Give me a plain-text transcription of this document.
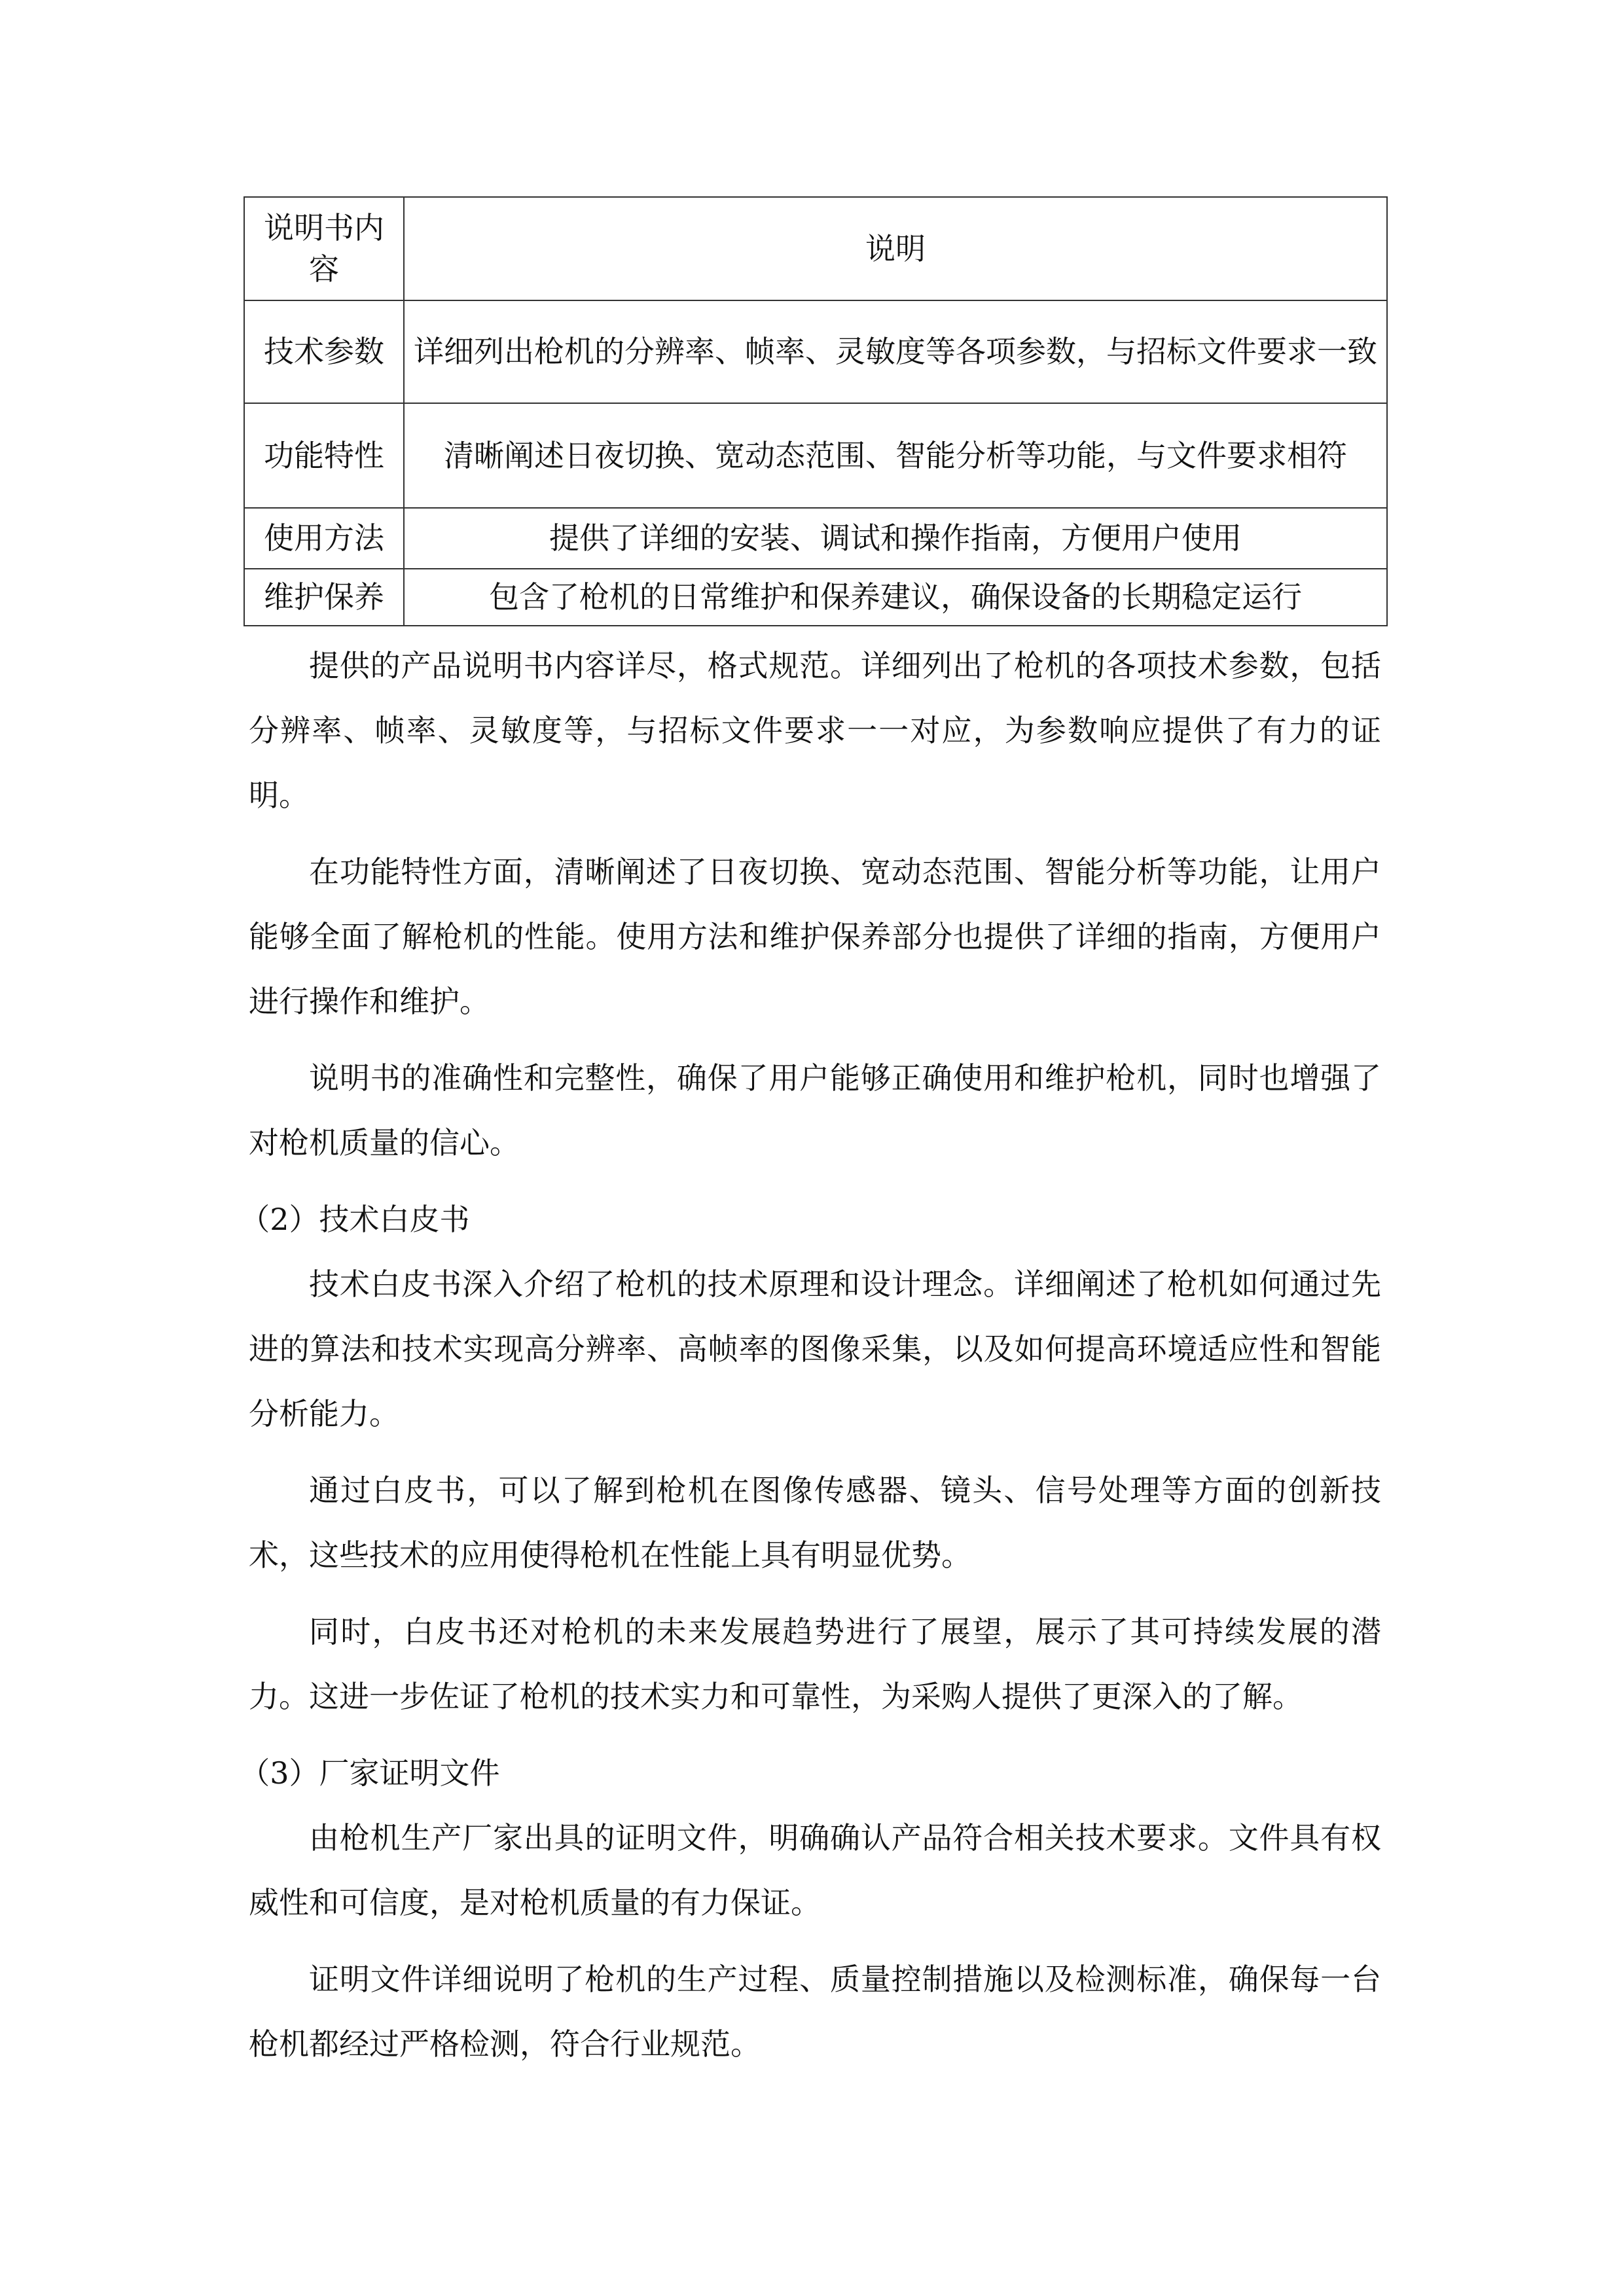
说明书内容	说明
技术参数	详细列出枪机的分辨率、帧率、灵敏度等各项参数，与招标文件要求一致
功能特性	清晰阐述日夜切换、宽动态范围、智能分析等功能，与文件要求相符
使用方法	提供了详细的安装、调试和操作指南，方便用户使用
维护保养	包含了枪机的日常维护和保养建议，确保设备的长期稳定运行

提供的产品说明书内容详尽，格式规范。详细列出了枪机的各项技术参数，包括分辨率、帧率、灵敏度等，与招标文件要求一一对应，为参数响应提供了有力的证明。

在功能特性方面，清晰阐述了日夜切换、宽动态范围、智能分析等功能，让用户能够全面了解枪机的性能。使用方法和维护保养部分也提供了详细的指南，方便用户进行操作和维护。

说明书的准确性和完整性，确保了用户能够正确使用和维护枪机，同时也增强了对枪机质量的信心。

（2）技术白皮书

技术白皮书深入介绍了枪机的技术原理和设计理念。详细阐述了枪机如何通过先进的算法和技术实现高分辨率、高帧率的图像采集，以及如何提高环境适应性和智能分析能力。

通过白皮书，可以了解到枪机在图像传感器、镜头、信号处理等方面的创新技术，这些技术的应用使得枪机在性能上具有明显优势。

同时，白皮书还对枪机的未来发展趋势进行了展望，展示了其可持续发展的潜力。这进一步佐证了枪机的技术实力和可靠性，为采购人提供了更深入的了解。

（3）厂家证明文件

由枪机生产厂家出具的证明文件，明确确认产品符合相关技术要求。文件具有权威性和可信度，是对枪机质量的有力保证。

证明文件详细说明了枪机的生产过程、质量控制措施以及检测标准，确保每一台枪机都经过严格检测，符合行业规范。
